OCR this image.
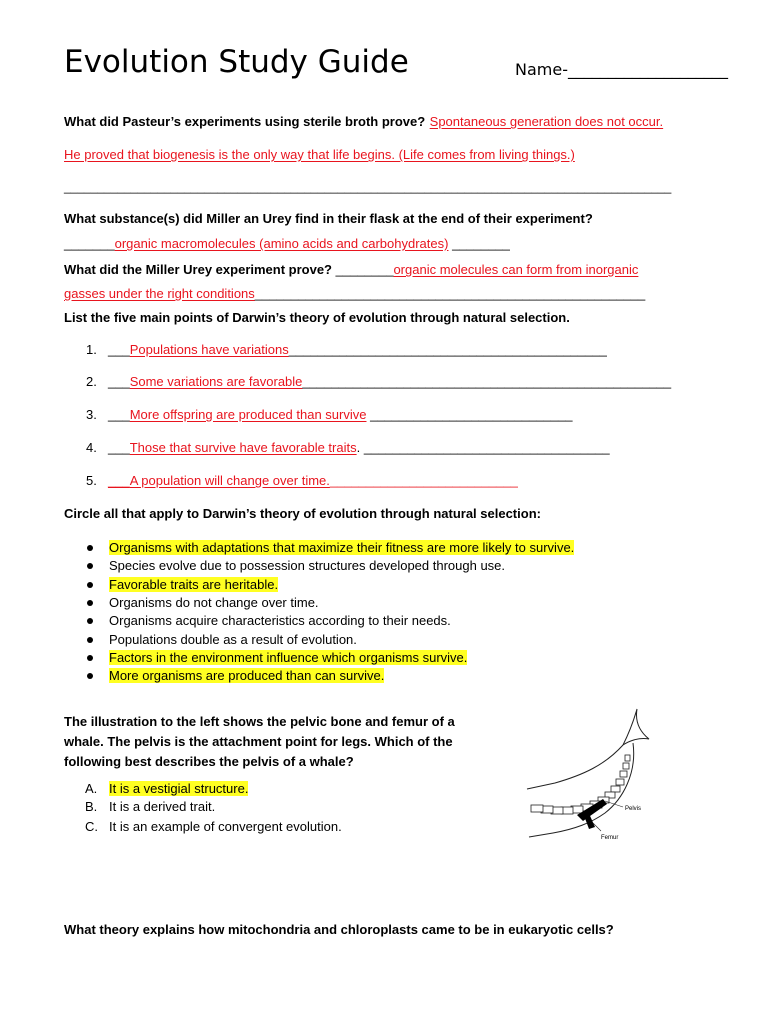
Evolution Study Guide	Name-____________________
What did Pasteur’s experiments using sterile broth prove? Spontaneous generation does not occur.
He proved that biogenesis is the only way that life begins. (Life comes from living things.)
___________________________________________________________________________________________
What substance(s) did Miller an Urey find in their flask at the end of their experiment?
_______organic macromolecules (amino acids and carbohydrates) ________
What did the Miller Urey experiment prove? ________organic molecules can form from inorganic
gasses under the right conditions______________________________________________________
List the five main points of Darwin’s theory of evolution through natural selection.
1. ___Populations have variations____________________________________________
2. ___Some variations are favorable___________________________________________________
3. ___More offspring are produced than survive ____________________________
4. ___Those that survive have favorable traits. __________________________________
5. ___A population will change over time.__________________________
Circle all that apply to Darwin’s theory of evolution through natural selection:
Organisms with adaptations that maximize their fitness are more likely to survive.
Species evolve due to possession structures developed through use.
Favorable traits are heritable.
Organisms do not change over time.
Organisms acquire characteristics according to their needs.
Populations double as a result of evolution.
Factors in the environment influence which organisms survive.
More organisms are produced than can survive.
The illustration to the left shows the pelvic bone and femur of a
whale. The pelvis is the attachment point for legs. Which of the
following best describes the pelvis of a whale?
A. It is a vestigial structure.
B. It is a derived trait.
C. It is an example of convergent evolution.
Pelvis
Femur
What theory explains how mitochondria and chloroplasts came to be in eukaryotic cells?
